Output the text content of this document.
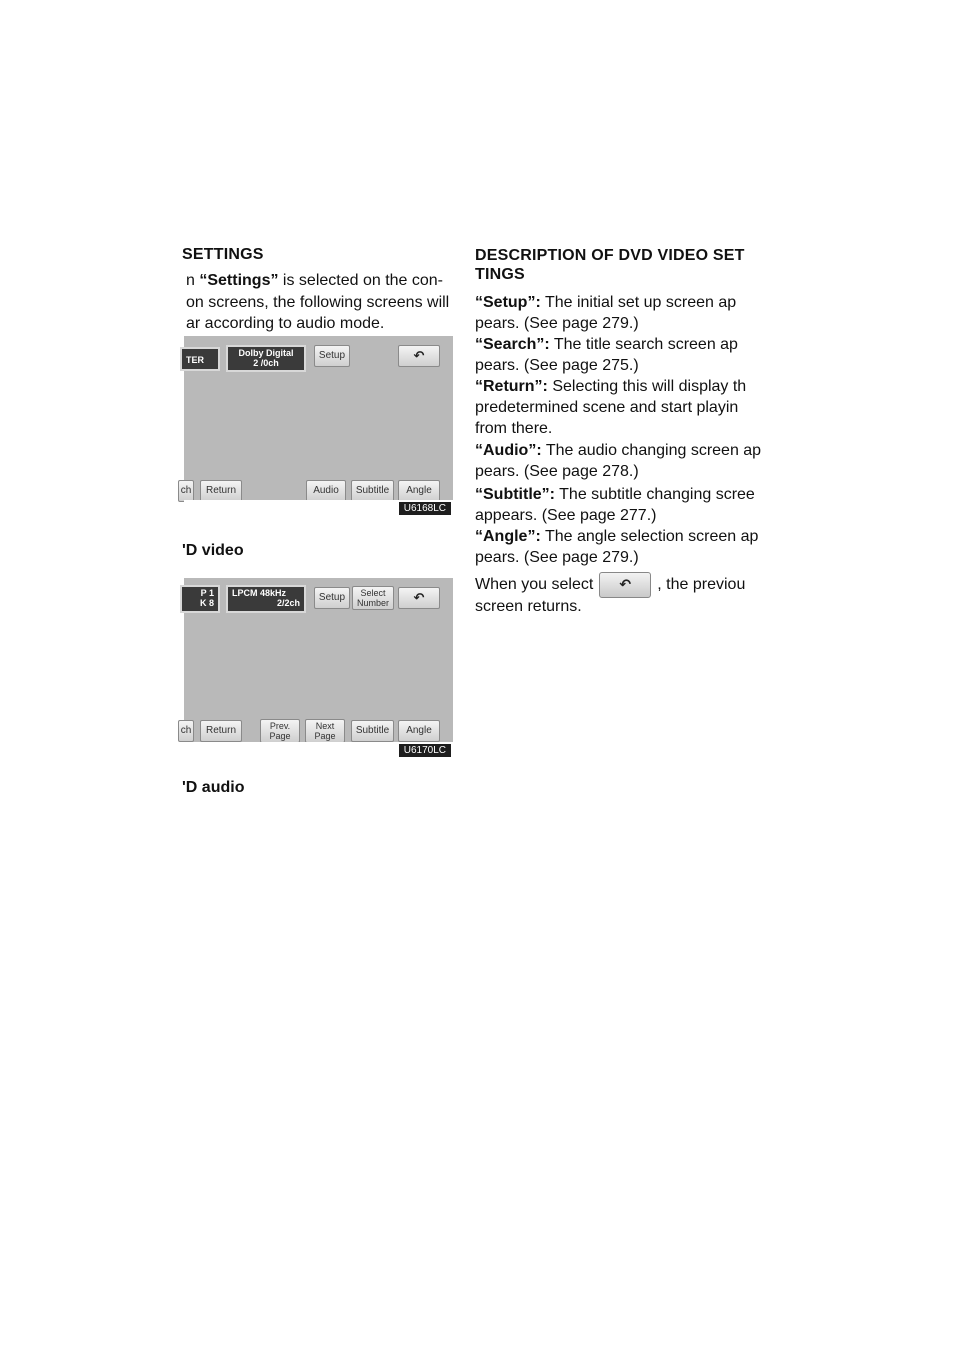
SETTINGS
n “Settings” is selected on the con-
on screens, the following screens will
ar according to audio mode.
TER
Dolby Digital
2 /0ch
Setup	↶
ch	Return	Audio	Subtitle	Angle
U6168LC
'D video
P 1
K 8
LPCM 48kHz
2/2ch	Setup	Select
Number	↶
ch	Return	Prev.
Page
Next
Page	Subtitle	Angle
U6170LC
'D audio
DESCRIPTION OF DVD VIDEO SET
TINGS
“Setup”: The initial set up screen ap
pears. (See page 279.)
“Search”: The title search screen ap
pears. (See page 275.)
“Return”: Selecting this will display th
predetermined scene and start playin
from there.
“Audio”: The audio changing screen ap
pears. (See page 278.)
“Subtitle”: The subtitle changing scree
appears. (See page 277.)
“Angle”: The angle selection screen ap
pears. (See page 279.)
When you select ↶ , the previou
screen returns.
